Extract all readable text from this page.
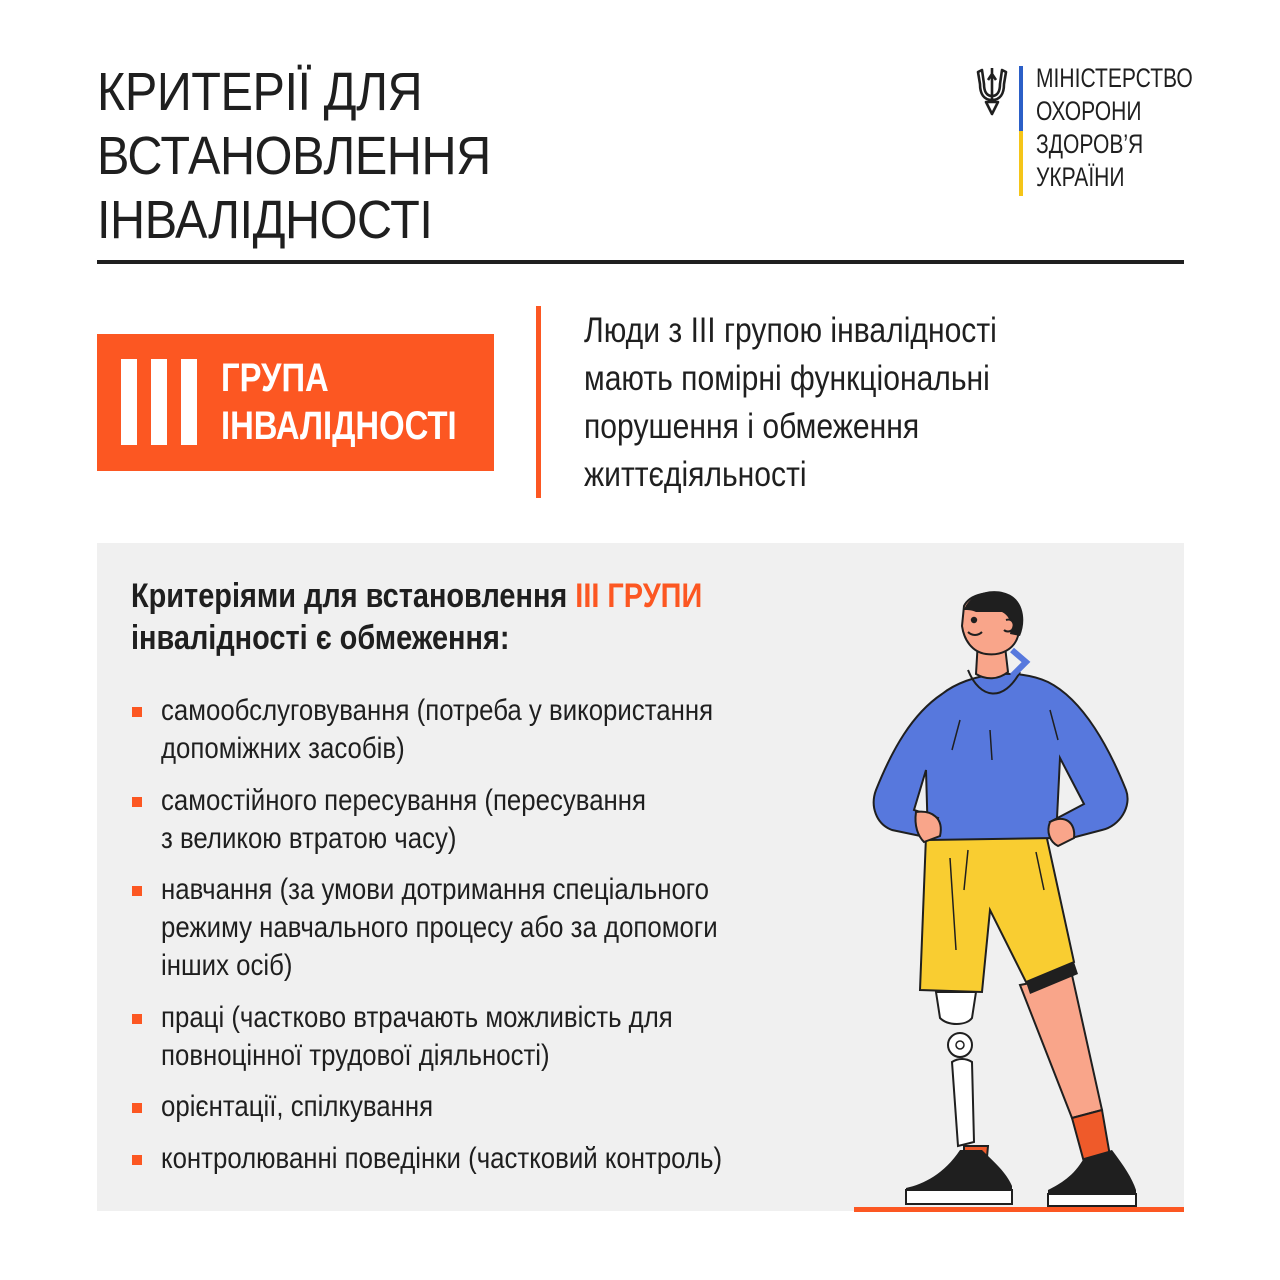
КРИТЕРІЇ ДЛЯ ВСТАНОВЛЕННЯ
ІНВАЛІДНОСТІ
МІНІСТЕРСТВО
ОХОРОНИ
ЗДОРОВ’Я
УКРАЇНИ
ГРУПА
ІНВАЛІДНОСТІ
Люди з ІІІ групою інвалідності
мають помірні функціональні
порушення і обмеження
життєдіяльності
Критеріями для встановлення ІІІ ГРУПИ
інвалідності є обмеження:
самообслуговування (потреба у використання
допоміжних засобів)
самостійного пересування (пересування
з великою втратою часу)
навчання (за умови дотримання спеціального
режиму навчального процесу або за допомоги
інших осіб)
праці (частково втрачають можливість для
повноцінної трудової діяльності)
орієнтації, спілкування
контролюванні поведінки (частковий контроль)
